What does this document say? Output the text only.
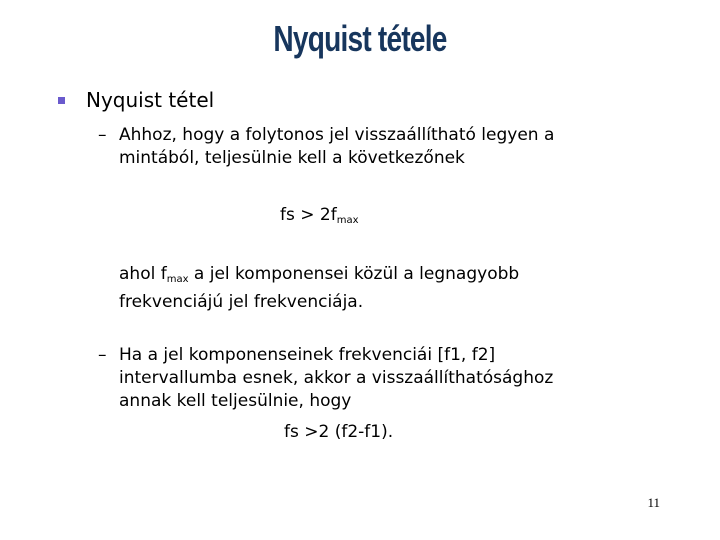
Nyquist tétele
Nyquist tétel
– Ahhoz, hogy a folytonos jel visszaállítható legyen a
mintából, teljesülnie kell a következőnek
fs > $2f_{max}$
ahol $f_{max}$ a jel komponensei közül a legnagyobb
frekvenciájú jel frekvenciája.
– Ha a jel komponenseinek frekvenciái [f1, f2]
intervallumba esnek, akkor a visszaállíthatósághoz
annak kell teljesülnie, hogy
fs >2 (f2-f1).
11
